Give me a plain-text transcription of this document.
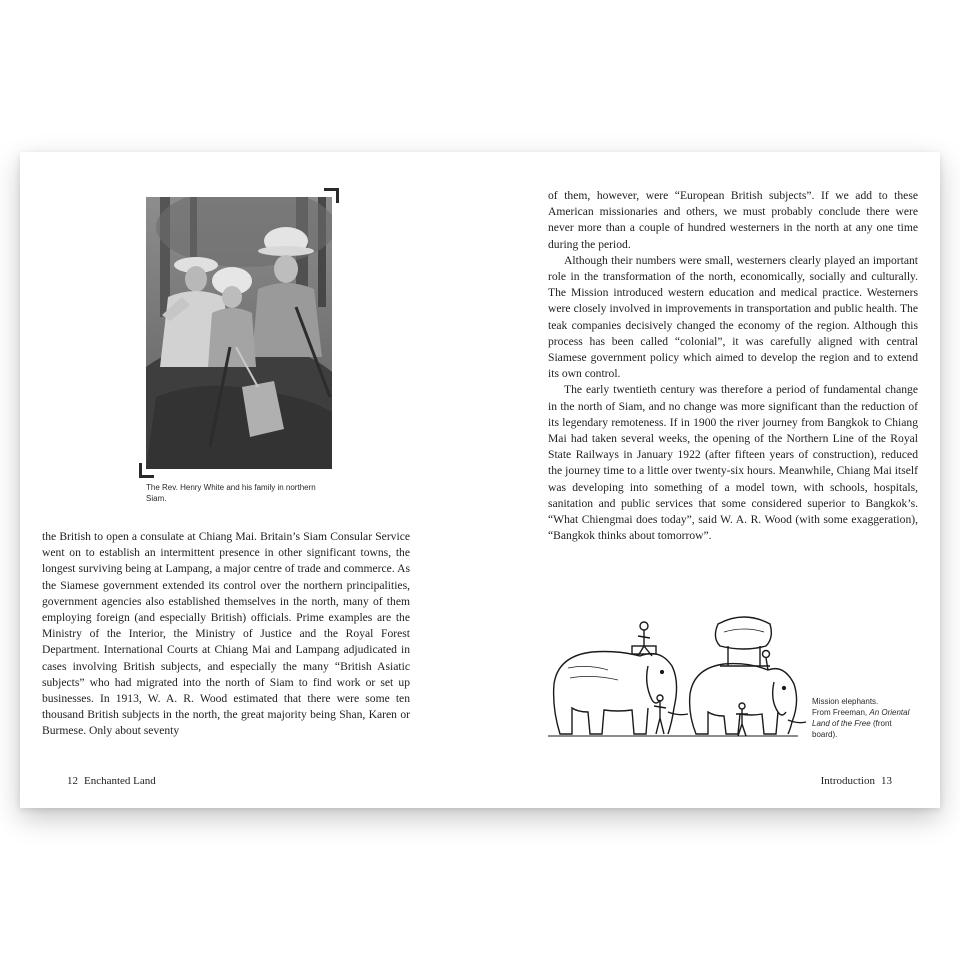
The Rev. Henry White and his family in northern Siam.

the British to open a consulate at Chiang Mai. Britain’s Siam Consular Service went on to establish an intermittent presence in other significant towns, the longest surviving being at Lampang, a major centre of trade and commerce. As the Siamese government extended its control over the northern principalities, government agencies also established themselves in the north, many of them employing foreign (and especially British) officials. Prime examples are the Ministry of the Interior, the Ministry of Justice and the Royal Forest Department. International Courts at Chiang Mai and Lampang adjudicated in cases involving British subjects, and especially the many “British Asiatic subjects” who had migrated into the north of Siam to find work or set up businesses. In 1913, W. A. R. Wood estimated that there were some ten thousand British subjects in the north, the great majority being Shan, Karen or Burmese. Only about seventy

12 Enchanted Land

of them, however, were “European British subjects”. If we add to these American missionaries and others, we must probably conclude there were never more than a couple of hundred westerners in the north at any one time during the period.

Although their numbers were small, westerners clearly played an important role in the transformation of the north, economically, socially and culturally. The Mission introduced western education and medical practice. Westerners were closely involved in improvements in transportation and public health. The teak companies decisively changed the economy of the region. Although this process has been called “colonial”, it was carefully aligned with central Siamese government policy which aimed to develop the region and to extend its own control.

The early twentieth century was therefore a period of fundamental change in the north of Siam, and no change was more significant than the reduction of its legendary remoteness. If in 1900 the river journey from Bangkok to Chiang Mai had taken several weeks, the opening of the Northern Line of the Royal State Railways in January 1922 (after fifteen years of construction), reduced the journey time to a little over twenty-six hours. Meanwhile, Chiang Mai itself was developing into something of a model town, with schools, hospitals, sanitation and public services that some considered superior to Bangkok’s. “What Chiengmai does today”, said W. A. R. Wood (with some exaggeration), “Bangkok thinks about tomorrow”.

Mission elephants.
From Freeman, An Oriental Land of the Free (front board).
Introduction 13
